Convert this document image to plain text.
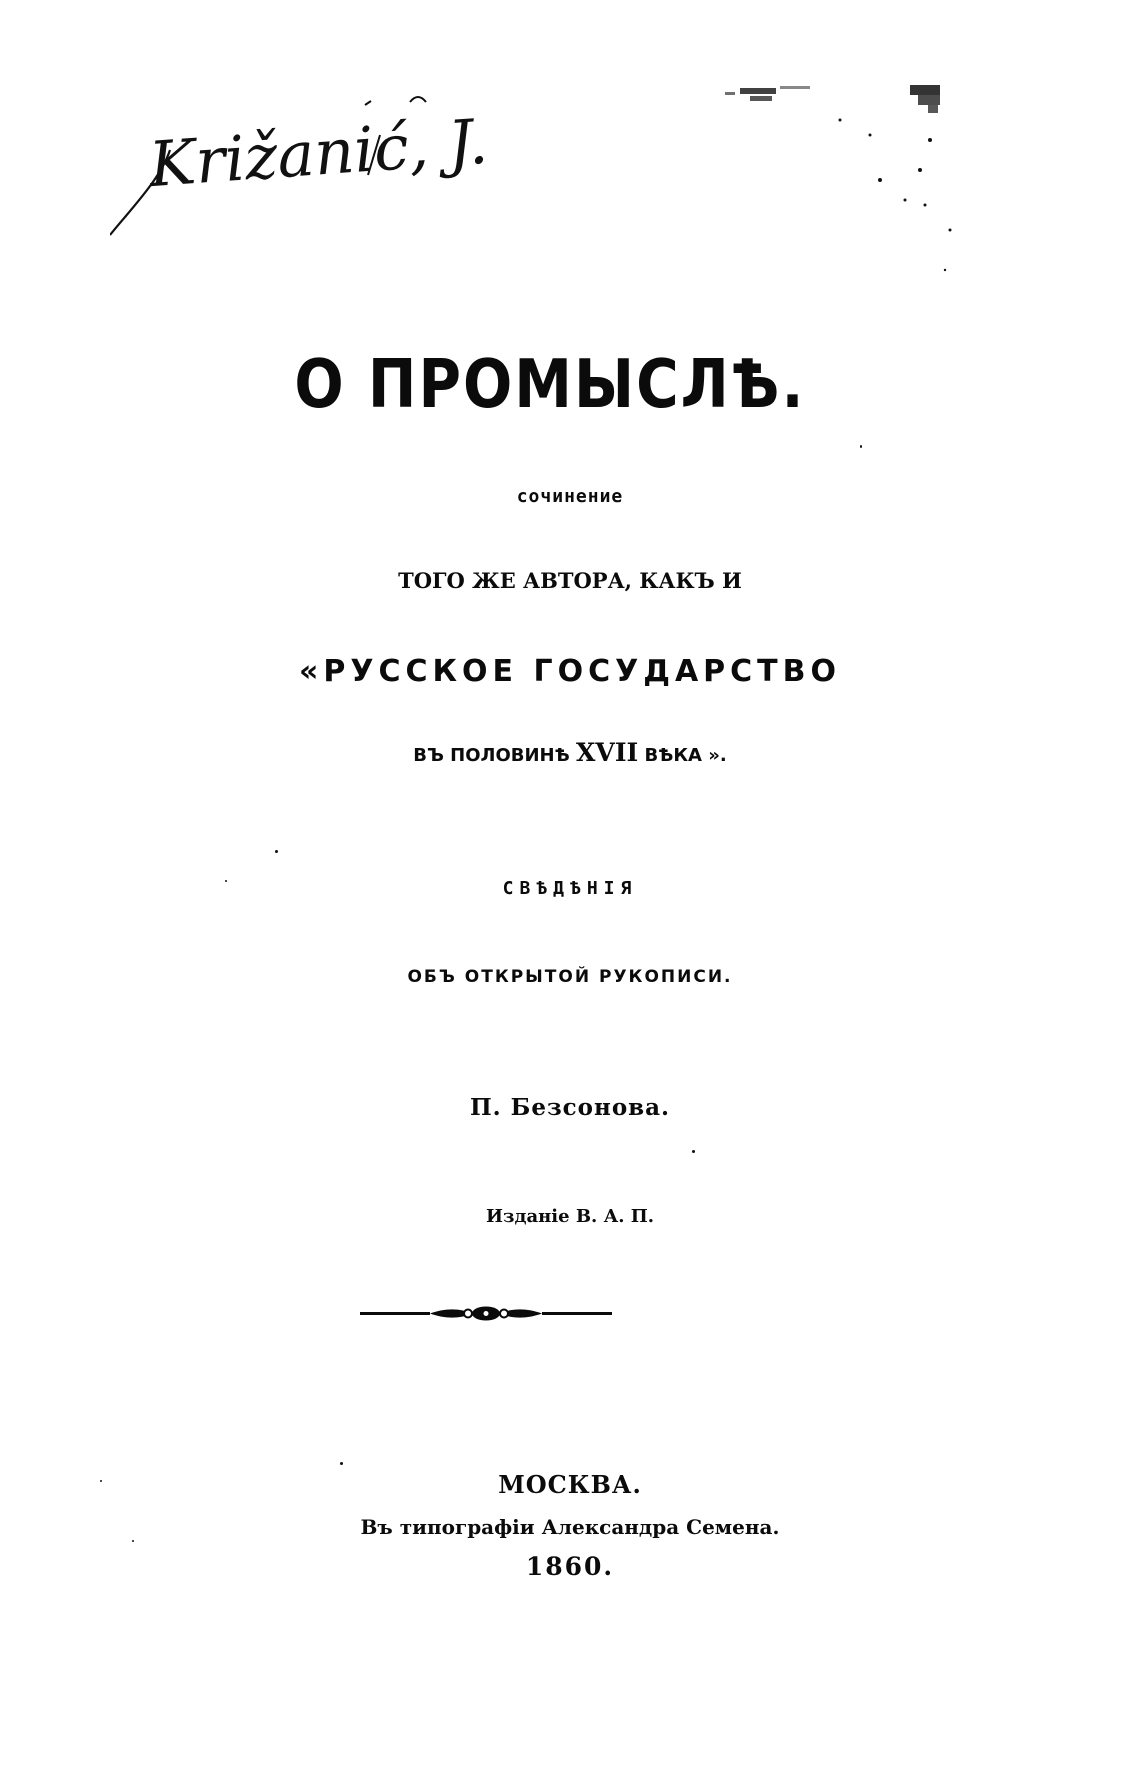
Križanić, J.
О ПРОМЫСЛѢ.
сочинение
ТОГО ЖЕ АВТОРА, КАКЪ И
«РУССКОЕ ГОСУДАРСТВО
ВЪ ПОЛОВИНѢ XVII ВѢКА ».
СВѢДѢНІЯ
ОБЪ ОТКРЫТОЙ РУКОПИСИ.
П. Безсонова.
Изданіе В. А. П.
МОСКВА.
Въ типографіи Александра Семена.
1860.
